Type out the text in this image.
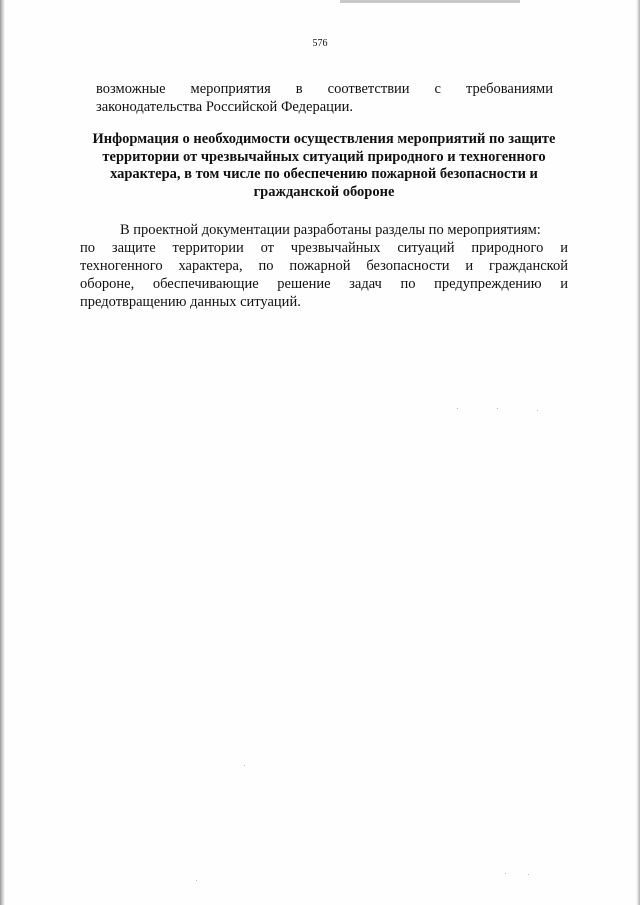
576

возможные мероприятия в соответствии с требованиями
законодательства Российской Федерации.

Информация о необходимости осуществления мероприятий по защите
территории от чрезвычайных ситуаций природного и техногенного
характера, в том числе по обеспечению пожарной безопасности и
гражданской обороне

В проектной документации разработаны разделы по мероприятиям:
по защите территории от чрезвычайных ситуаций природного и
техногенного характера, по пожарной безопасности и гражданской
обороне, обеспечивающие решение задач по предупреждению и
предотвращению данных ситуаций.
